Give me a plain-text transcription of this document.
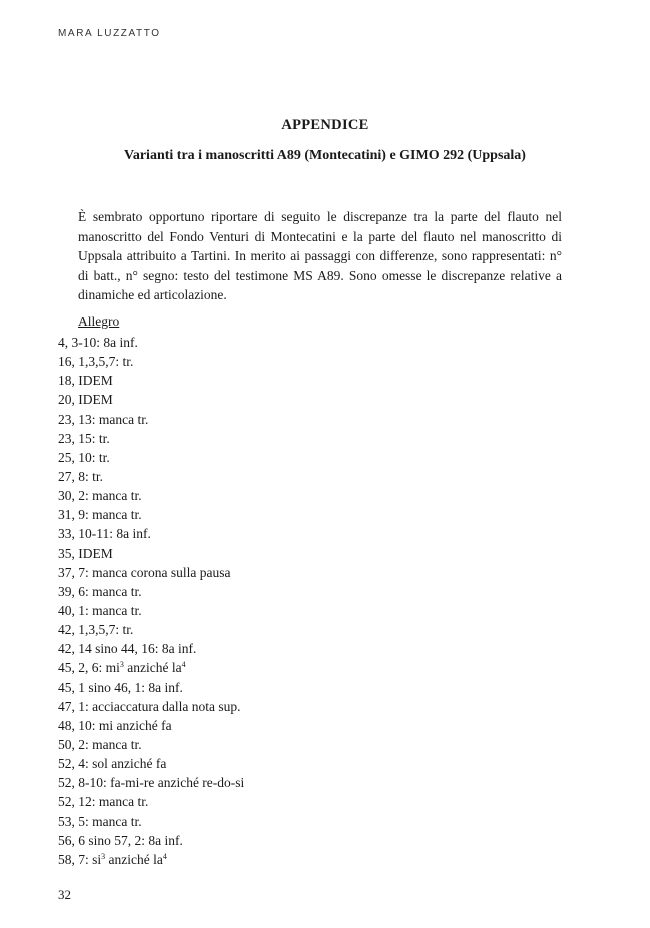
MARA LUZZATTO
APPENDICE
Varianti tra i manoscritti A89 (Montecatini) e GIMO 292 (Uppsala)

È sembrato opportuno riportare di seguito le discrepanze tra la parte del flauto nel manoscritto del Fondo Venturi di Montecatini e la parte del flauto nel manoscritto di Uppsala attribuito a Tartini. In merito ai passaggi con differenze, sono rappresentati: n° di batt., n° segno: testo del testimone MS A89. Sono omesse le discrepanze relative a dinamiche ed articolazione.

Allegro
4, 3-10: 8a inf.
16, 1,3,5,7: tr.
18, IDEM
20, IDEM
23, 13: manca tr.
23, 15: tr.
25, 10: tr.
27, 8: tr.
30, 2: manca tr.
31, 9: manca tr.
33, 10-11: 8a inf.
35, IDEM
37, 7: manca corona sulla pausa
39, 6: manca tr.
40, 1: manca tr.
42, 1,3,5,7: tr.
42, 14 sino 44, 16: 8a inf.
45, 2, 6: $mi^3$ anziché $la^4$
45, 1 sino 46, 1: 8a inf.
47, 1: acciaccatura dalla nota sup.
48, 10: mi anziché fa
50, 2: manca tr.
52, 4: sol anziché fa
52, 8-10: fa-mi-re anziché re-do-si
52, 12: manca tr.
53, 5: manca tr.
56, 6 sino 57, 2: 8a inf.
58, 7: $si^3$ anziché $la^4$
32
